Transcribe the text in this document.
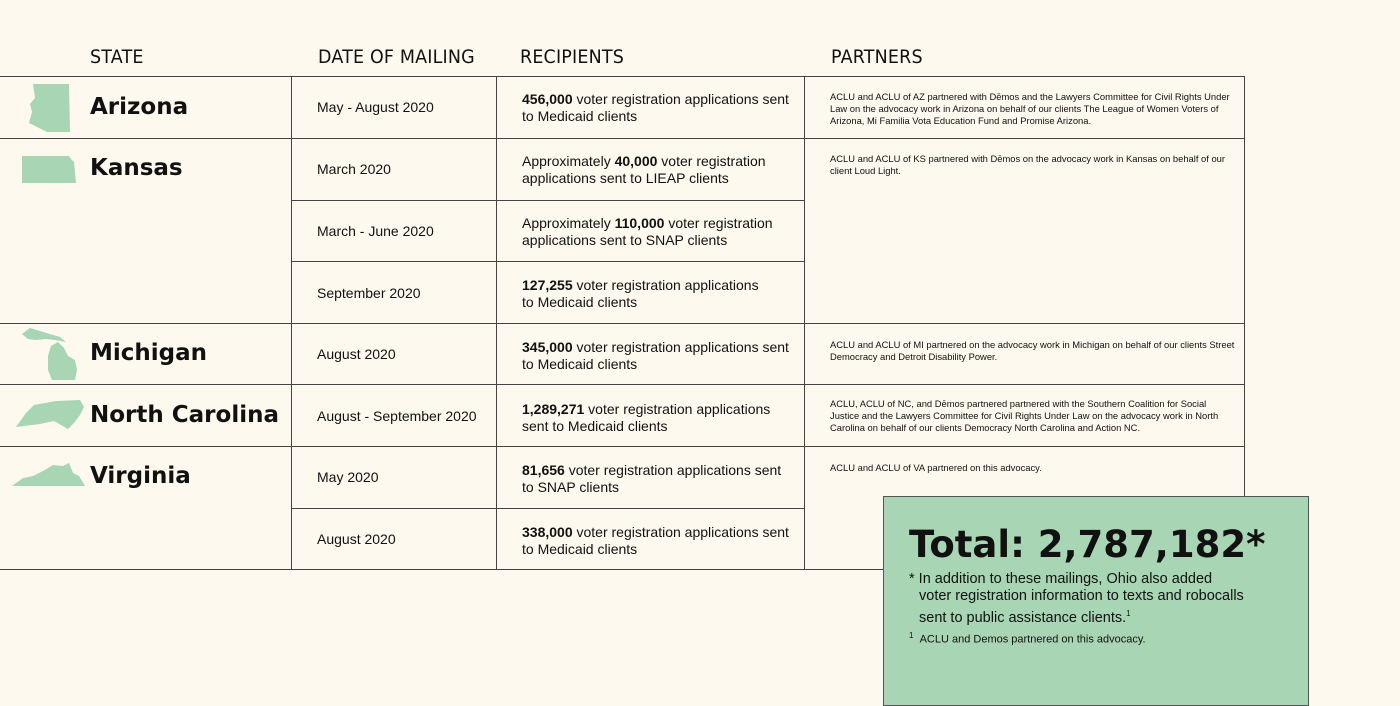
STATE	DATE OF MAILING RECIPIENTS	PARTNERS
Arizona
Kansas
Michigan
North Carolina
Virginia
May - August 2020
March 2020
March - June 2020
September 2020
August 2020
August - September 2020
May 2020
August 2020
456,000 voter registration applications sent to Medicaid clients
Approximately 40,000 voter registration applications sent to LIEAP clients
Approximately 110,000 voter registration applications sent to SNAP clients
127,255 voter registration applications to Medicaid clients
345,000 voter registration applications sent to Medicaid clients
1,289,271 voter registration applications sent to Medicaid clients
81,656 voter registration applications sent to SNAP clients
338,000 voter registration applications sent to Medicaid clients
ACLU and ACLU of AZ partnered with Dēmos and the Lawyers Committee for Civil Rights Under Law on the advocacy work in Arizona on behalf of our clients The League of Women Voters of Arizona, Mi Familia Vota Education Fund and Promise Arizona.
ACLU and ACLU of KS partnered with Dēmos on the advocacy work in Kansas on behalf of our client Loud Light.
ACLU and ACLU of MI partnered on the advocacy work in Michigan on behalf of our clients Street Democracy and Detroit Disability Power.
ACLU, ACLU of NC, and Dēmos partnered partnered with the Southern Coalition for Social Justice and the Lawyers Committee for Civil Rights Under Law on the advocacy work in North Carolina on behalf of our clients Democracy North Carolina and Action NC.
ACLU and ACLU of VA partnered on this advocacy.
Total: 2,787,182*
* In addition to these mailings, Ohio also added
voter registration information to texts and robocalls sent to public assistance clients.$^1$
$^1$ ACLU and Demos partnered on this advocacy.
